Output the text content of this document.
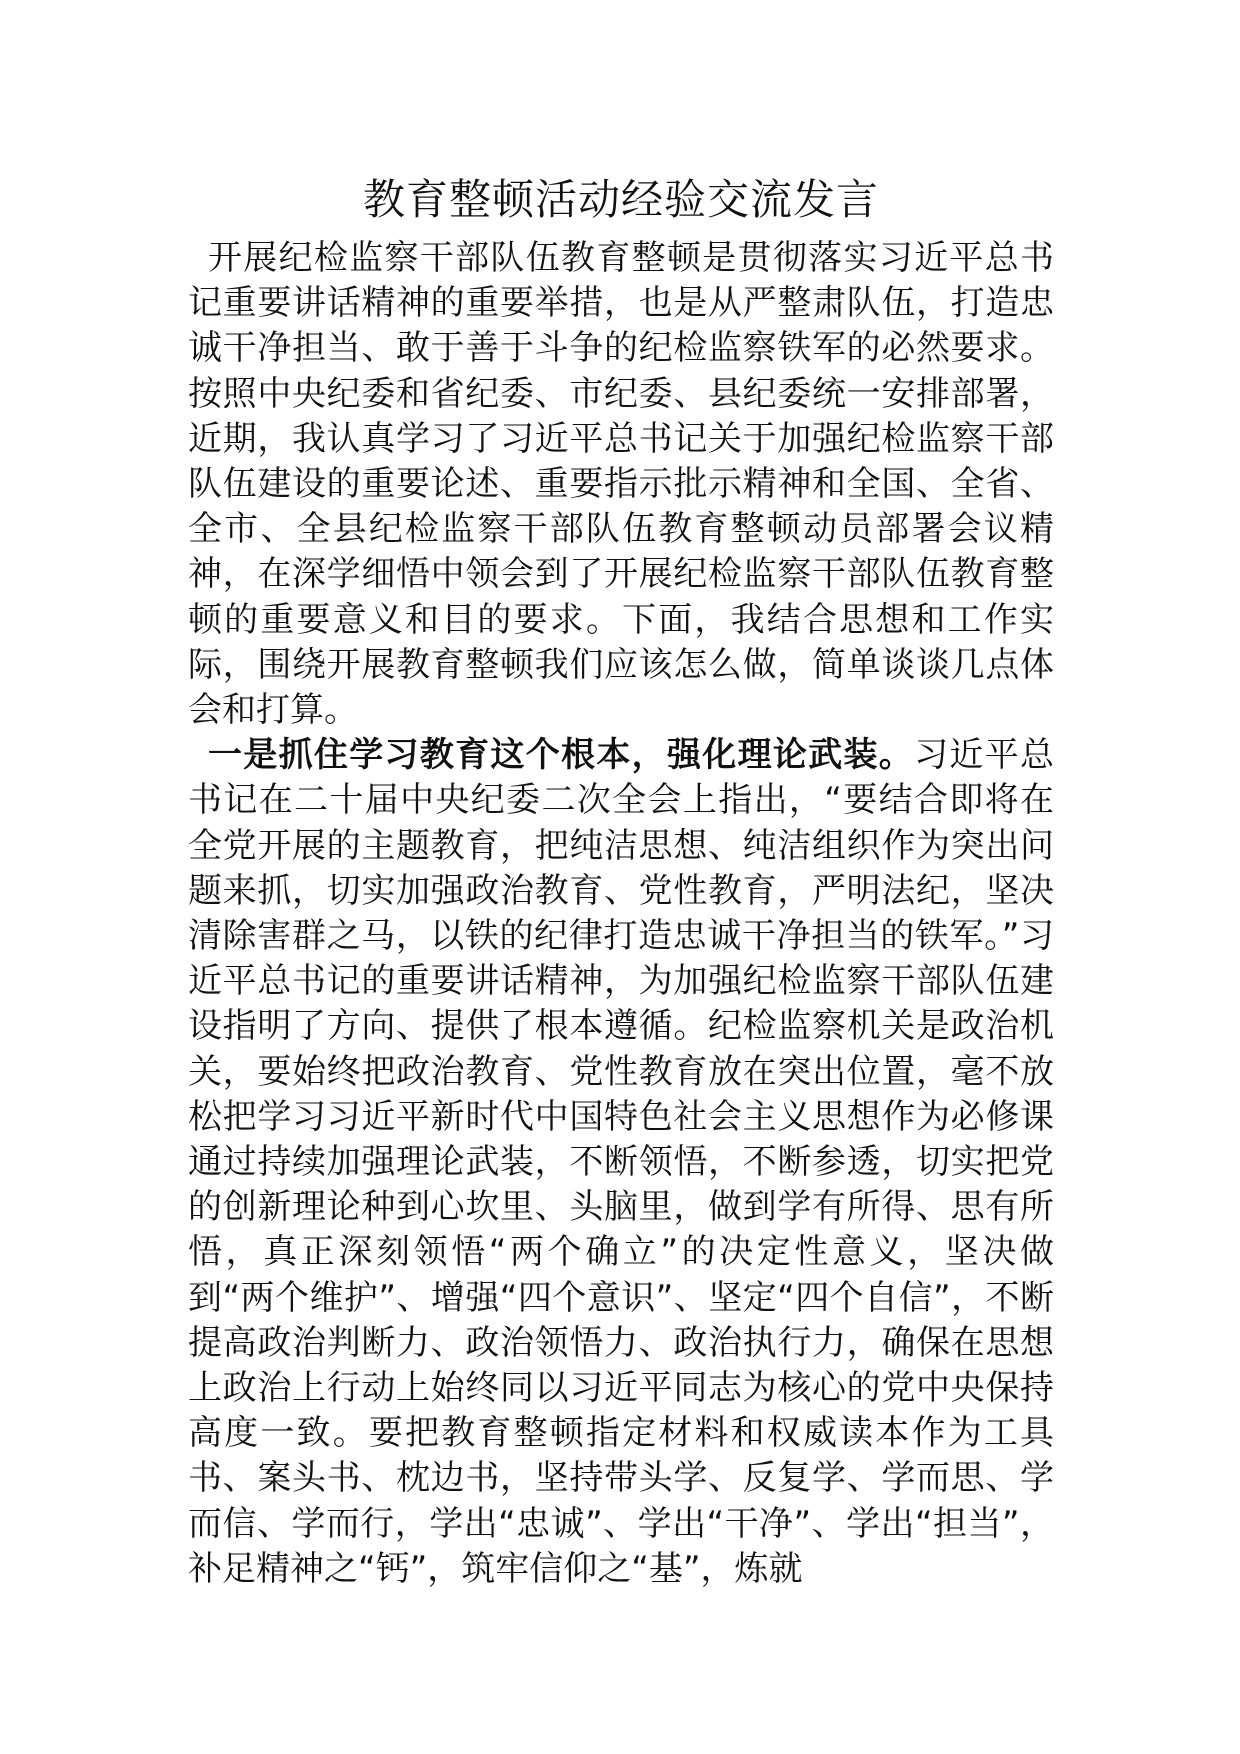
教育整顿活动经验交流发言

开展纪检监察干部队伍教育整顿是贯彻落实习近平总书记重要讲话精神的重要举措，也是从严整肃队伍，打造忠诚干净担当、敢于善于斗争的纪检监察铁军的必然要求。按照中央纪委和省纪委、市纪委、县纪委统一安排部署，近期，我认真学习了习近平总书记关于加强纪检监察干部队伍建设的重要论述、重要指示批示精神和全国、全省、全市、全县纪检监察干部队伍教育整顿动员部署会议精神，在深学细悟中领会到了开展纪检监察干部队伍教育整顿的重要意义和目的要求。下面，我结合思想和工作实际，围绕开展教育整顿我们应该怎么做，简单谈谈几点体会和打算。

一是抓住学习教育这个根本，强化理论武装。习近平总书记在二十届中央纪委二次全会上指出，“要结合即将在全党开展的主题教育，把纯洁思想、纯洁组织作为突出问题来抓，切实加强政治教育、党性教育，严明法纪，坚决清除害群之马，以铁的纪律打造忠诚干净担当的铁军。”习近平总书记的重要讲话精神，为加强纪检监察干部队伍建设指明了方向、提供了根本遵循。纪检监察机关是政治机关，要始终把政治教育、党性教育放在突出位置，毫不放松把学习习近平新时代中国特色社会主义思想作为必修课通过持续加强理论武装，不断领悟，不断参透，切实把党的创新理论种到心坎里、头脑里，做到学有所得、思有所悟，真正深刻领悟“两个确立”的决定性意义，坚决做到“两个维护”、增强“四个意识”、坚定“四个自信”，不断提高政治判断力、政治领悟力、政治执行力，确保在思想上政治上行动上始终同以习近平同志为核心的党中央保持高度一致。要把教育整顿指定材料和权威读本作为工具书、案头书、枕边书，坚持带头学、反复学、学而思、学而信、学而行，学出“忠诚”、学出“干净”、学出“担当”，补足精神之“钙”，筑牢信仰之“基”，炼就
